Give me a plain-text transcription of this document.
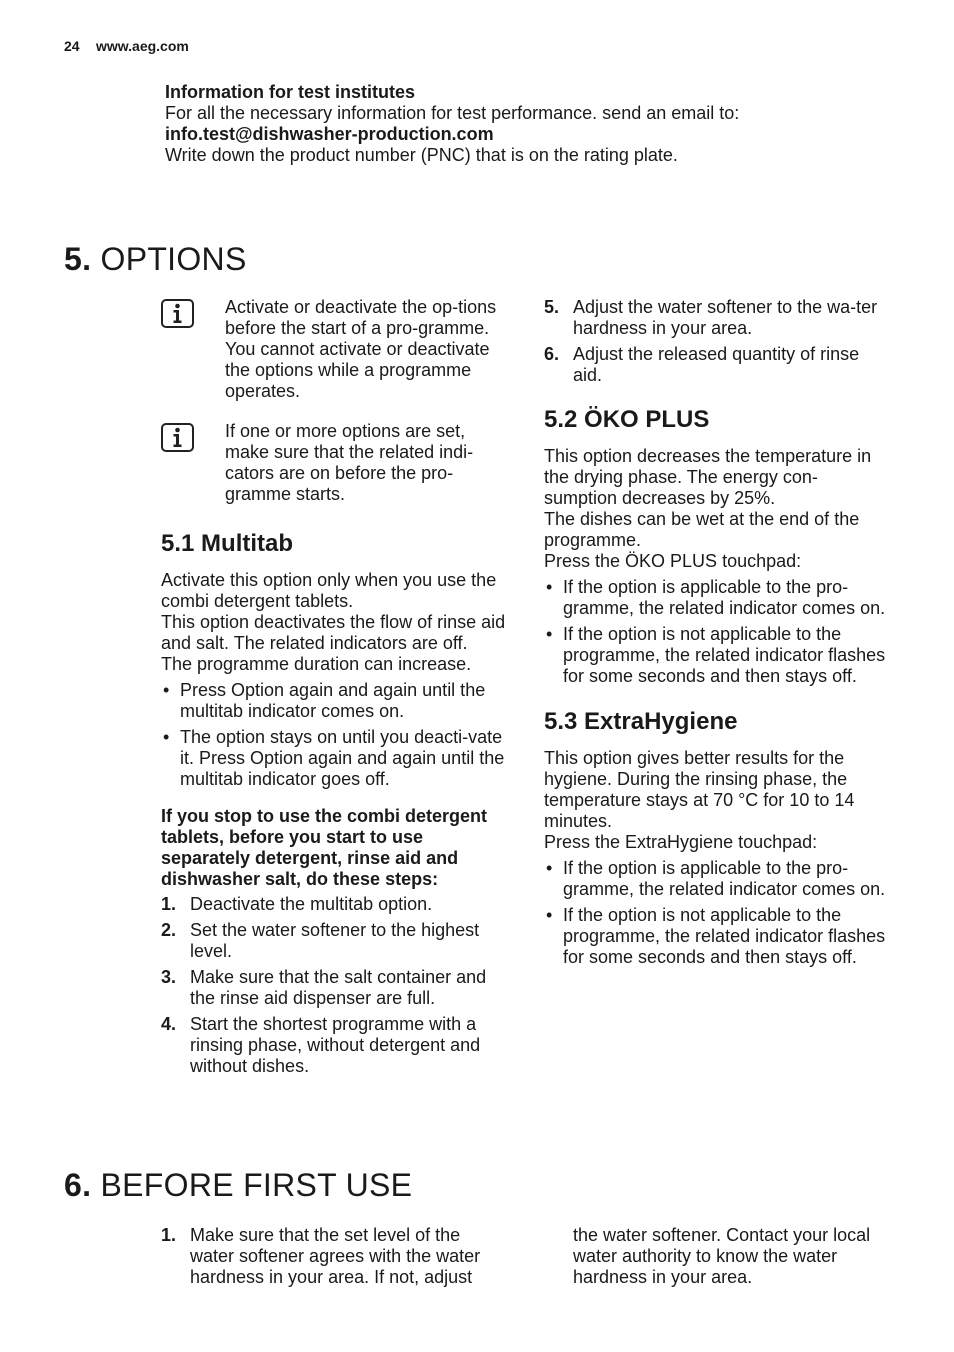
24 www.aeg.com
Information for test institutes
For all the necessary information for test performance. send an email to:
info.test@dishwasher-production.com
Write down the product number (PNC) that is on the rating plate.
5. OPTIONS

Activate or deactivate the op-tions before the start of a pro-gramme. You cannot activate or deactivate the options while a programme operates.

If one or more options are set, make sure that the related indi-cators are on before the pro-gramme starts.

5.1 Multitab

Activate this option only when you use the combi detergent tablets.

This option deactivates the flow of rinse aid and salt. The related indicators are off.

The programme duration can increase.

• Press Option again and again until the multitab indicator comes on.
• The option stays on until you deacti-vate it. Press Option again and again until the multitab indicator goes off.

If you stop to use the combi detergent tablets, before you start to use separately detergent, rinse aid and dishwasher salt, do these steps:

1. Deactivate the multitab option.
2. Set the water softener to the highest level.
3. Make sure that the salt container and the rinse aid dispenser are full.
4. Start the shortest programme with a rinsing phase, without detergent and without dishes.
5. Adjust the water softener to the wa-ter hardness in your area.
6. Adjust the released quantity of rinse aid.
5.2 ÖKO PLUS

This option decreases the temperature in the drying phase. The energy con-sumption decreases by 25%.

The dishes can be wet at the end of the programme.

Press the ÖKO PLUS touchpad:

• If the option is applicable to the pro-gramme, the related indicator comes on.
• If the option is not applicable to the programme, the related indicator flashes for some seconds and then stays off.
5.3 ExtraHygiene

This option gives better results for the hygiene. During the rinsing phase, the temperature stays at 70 °C for 10 to 14 minutes.

Press the ExtraHygiene touchpad:

• If the option is applicable to the pro-gramme, the related indicator comes on.
• If the option is not applicable to the programme, the related indicator flashes for some seconds and then stays off.
6. BEFORE FIRST USE
1. Make sure that the set level of the water softener agrees with the water hardness in your area. If not, adjust

the water softener. Contact your local water authority to know the water hardness in your area.
